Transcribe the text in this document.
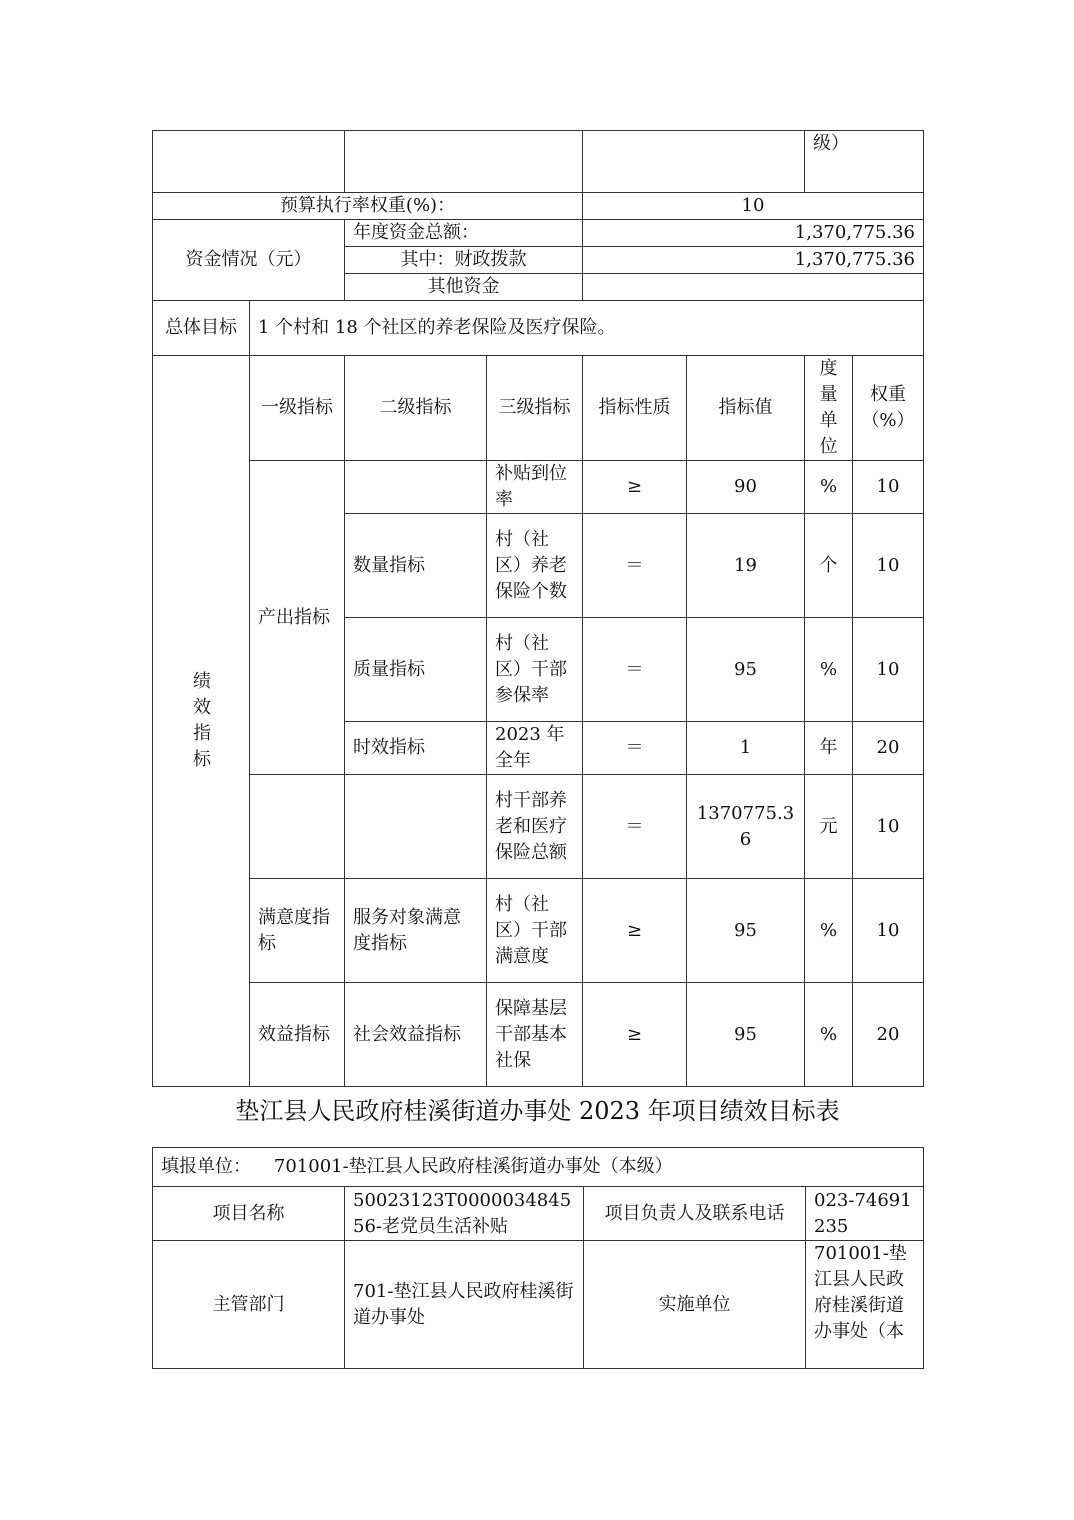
						级）	
预算执行率权重(%)：				10			
资金情况（元）		年度资金总额：		1,370,775.36			
		其中：财政拨款		1,370,775.36			
		其他资金					
总体目标	1 个村和 18 个社区的养老保险及医疗保险。						
绩效指标	一级指标	二级指标	三级指标	指标性质	指标值	度量单位	权重（%）
	产出指标		补贴到位率	≥	90	%	10
		数量指标	村（社区）养老保险个数	＝	19	个	10
		质量指标	村（社区）干部参保率	＝	95	%	10
		时效指标	2023 年全年	＝	1	年	20
			村干部养老和医疗保险总额	＝	1370775.36	元	10
	满意度指标	服务对象满意度指标	村（社区）干部满意度	≥	95	%	10
	效益指标	社会效益指标	保障基层干部基本社保	≥	95	%	20
垫江县人民政府桂溪街道办事处 2023 年项目绩效目标表
填报单位： 701001-垫江县人民政府桂溪街道办事处（本级）			
项目名称	50023123T000003484556-老党员生活补贴	项目负责人及联系电话	023-74691235
主管部门	701-垫江县人民政府桂溪街道办事处	实施单位	701001-垫江县人民政府桂溪街道办事处（本
